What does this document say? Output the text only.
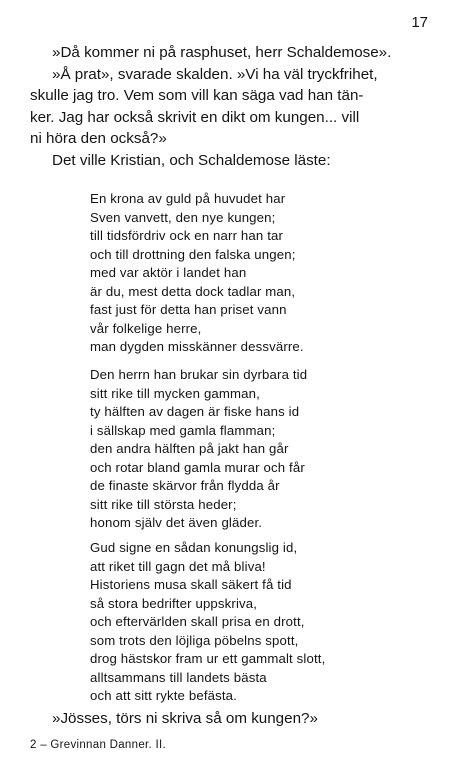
17
»Då kommer ni på rasphuset, herr Schaldemose».
»Å prat», svarade skalden. »Vi ha väl tryckfrihet,
skulle jag tro. Vem som vill kan säga vad han tän-
ker. Jag har också skrivit en dikt om kungen... vill
ni höra den också?»
Det ville Kristian, och Schaldemose läste:
En krona av guld på huvudet har
Sven vanvett, den nye kungen;
till tidsfördriv ock en narr han tar
och till drottning den falska ungen;
med var aktör i landet han
är du, mest detta dock tadlar man,
fast just för detta han priset vann
vår folkelige herre,
man dygden misskänner dessvärre.
Den herrn han brukar sin dyrbara tid
sitt rike till mycken gamman,
ty hälften av dagen är fiske hans id
i sällskap med gamla flamman;
den andra hälften på jakt han går
och rotar bland gamla murar och får
de finaste skärvor från flydda år
sitt rike till största heder;
honom själv det även gläder.
Gud signe en sådan konungslig id,
att riket till gagn det må bliva!
Historiens musa skall säkert få tid
så stora bedrifter uppskriva,
och eftervärlden skall prisa en drott,
som trots den löjliga pöbelns spott,
drog hästskor fram ur ett gammalt slott,
alltsammans till landets bästa
och att sitt rykte befästa.
»Jösses, törs ni skriva så om kungen?»
2 – Grevinnan Danner. II.
